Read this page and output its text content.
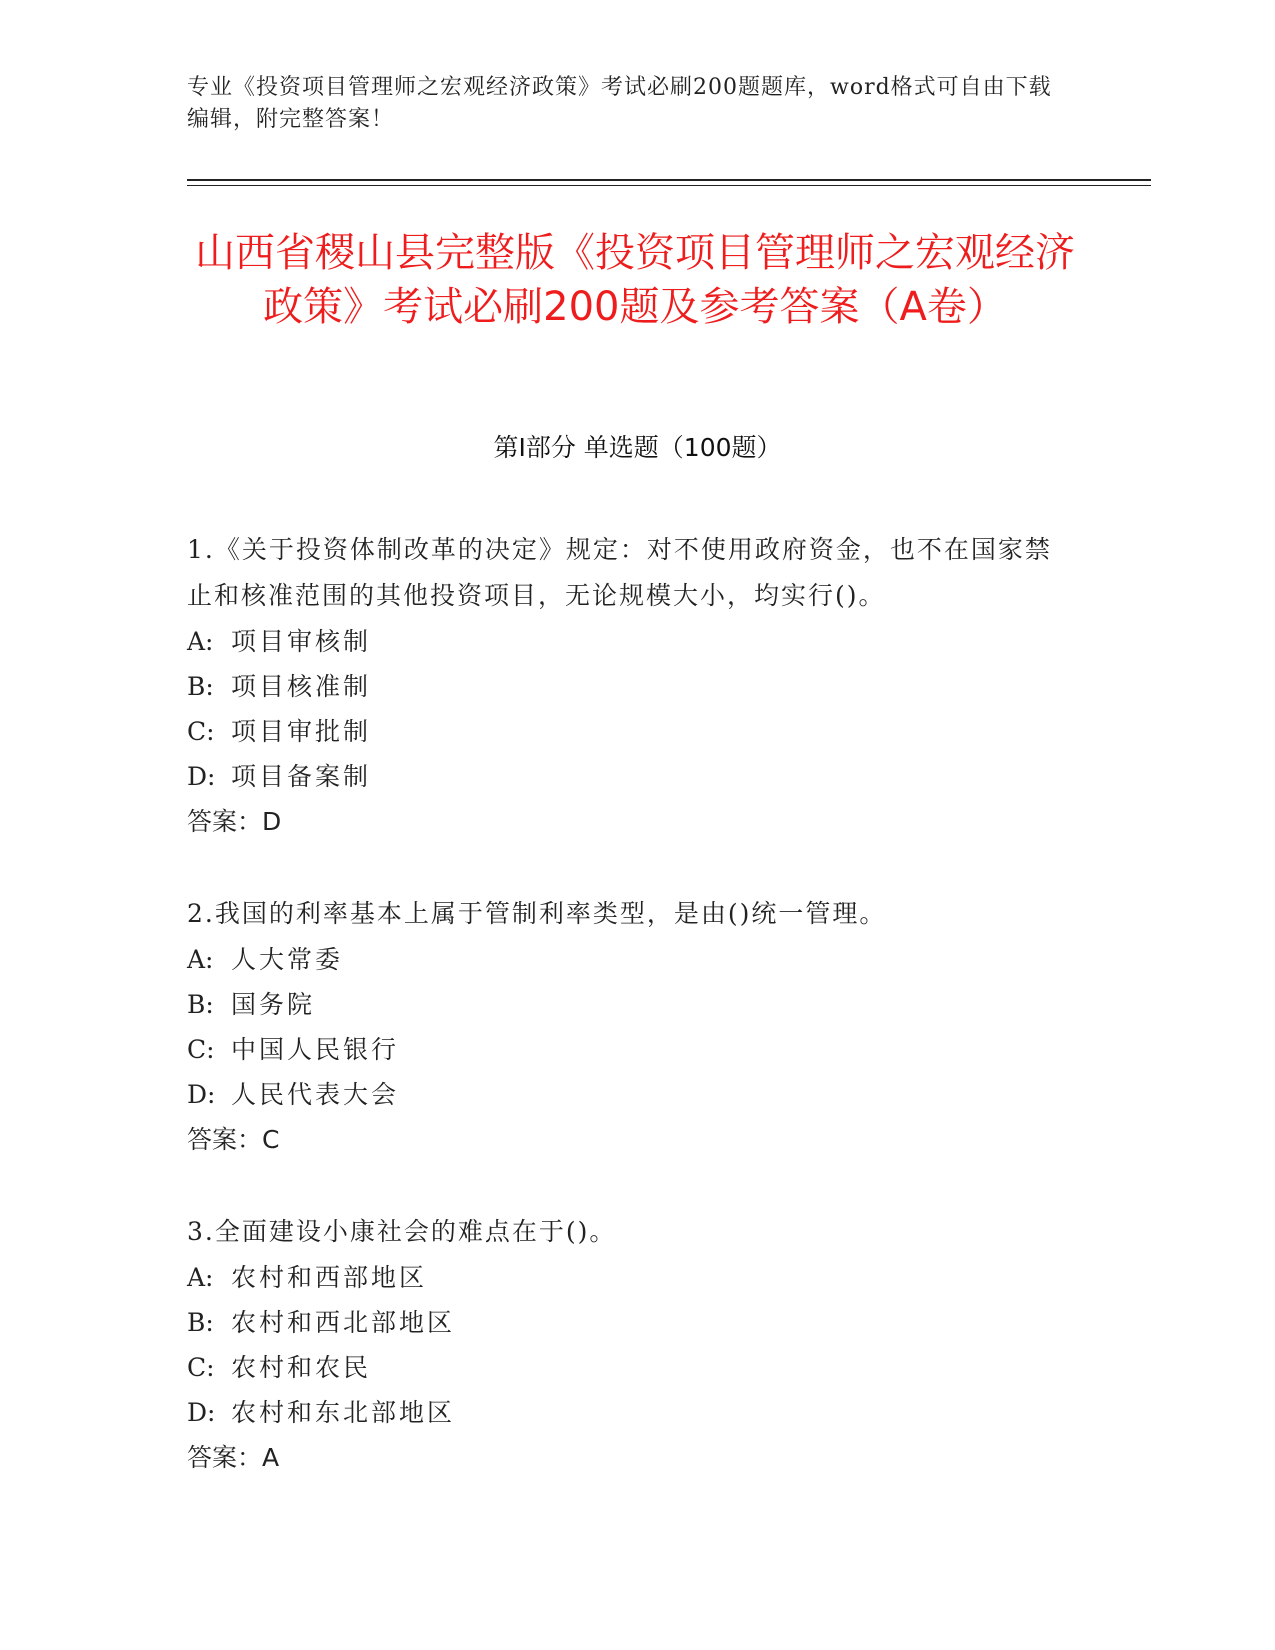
专业《投资项目管理师之宏观经济政策》考试必刷200题题库，word格式可自由下载编辑，附完整答案！
山西省稷山县完整版《投资项目管理师之宏观经济政策》考试必刷200题及参考答案（A卷）
第Ⅰ部分 单选题（100题）
1.《关于投资体制改革的决定》规定：对不使用政府资金，也不在国家禁止和核准范围的其他投资项目，无论规模大小，均实行()。
A: 项目审核制
B: 项目核准制
C: 项目审批制
D: 项目备案制
答案：D
2.我国的利率基本上属于管制利率类型，是由()统一管理。
A: 人大常委
B: 国务院
C: 中国人民银行
D: 人民代表大会
答案：C
3.全面建设小康社会的难点在于()。
A: 农村和西部地区
B: 农村和西北部地区
C: 农村和农民
D: 农村和东北部地区
答案：A
